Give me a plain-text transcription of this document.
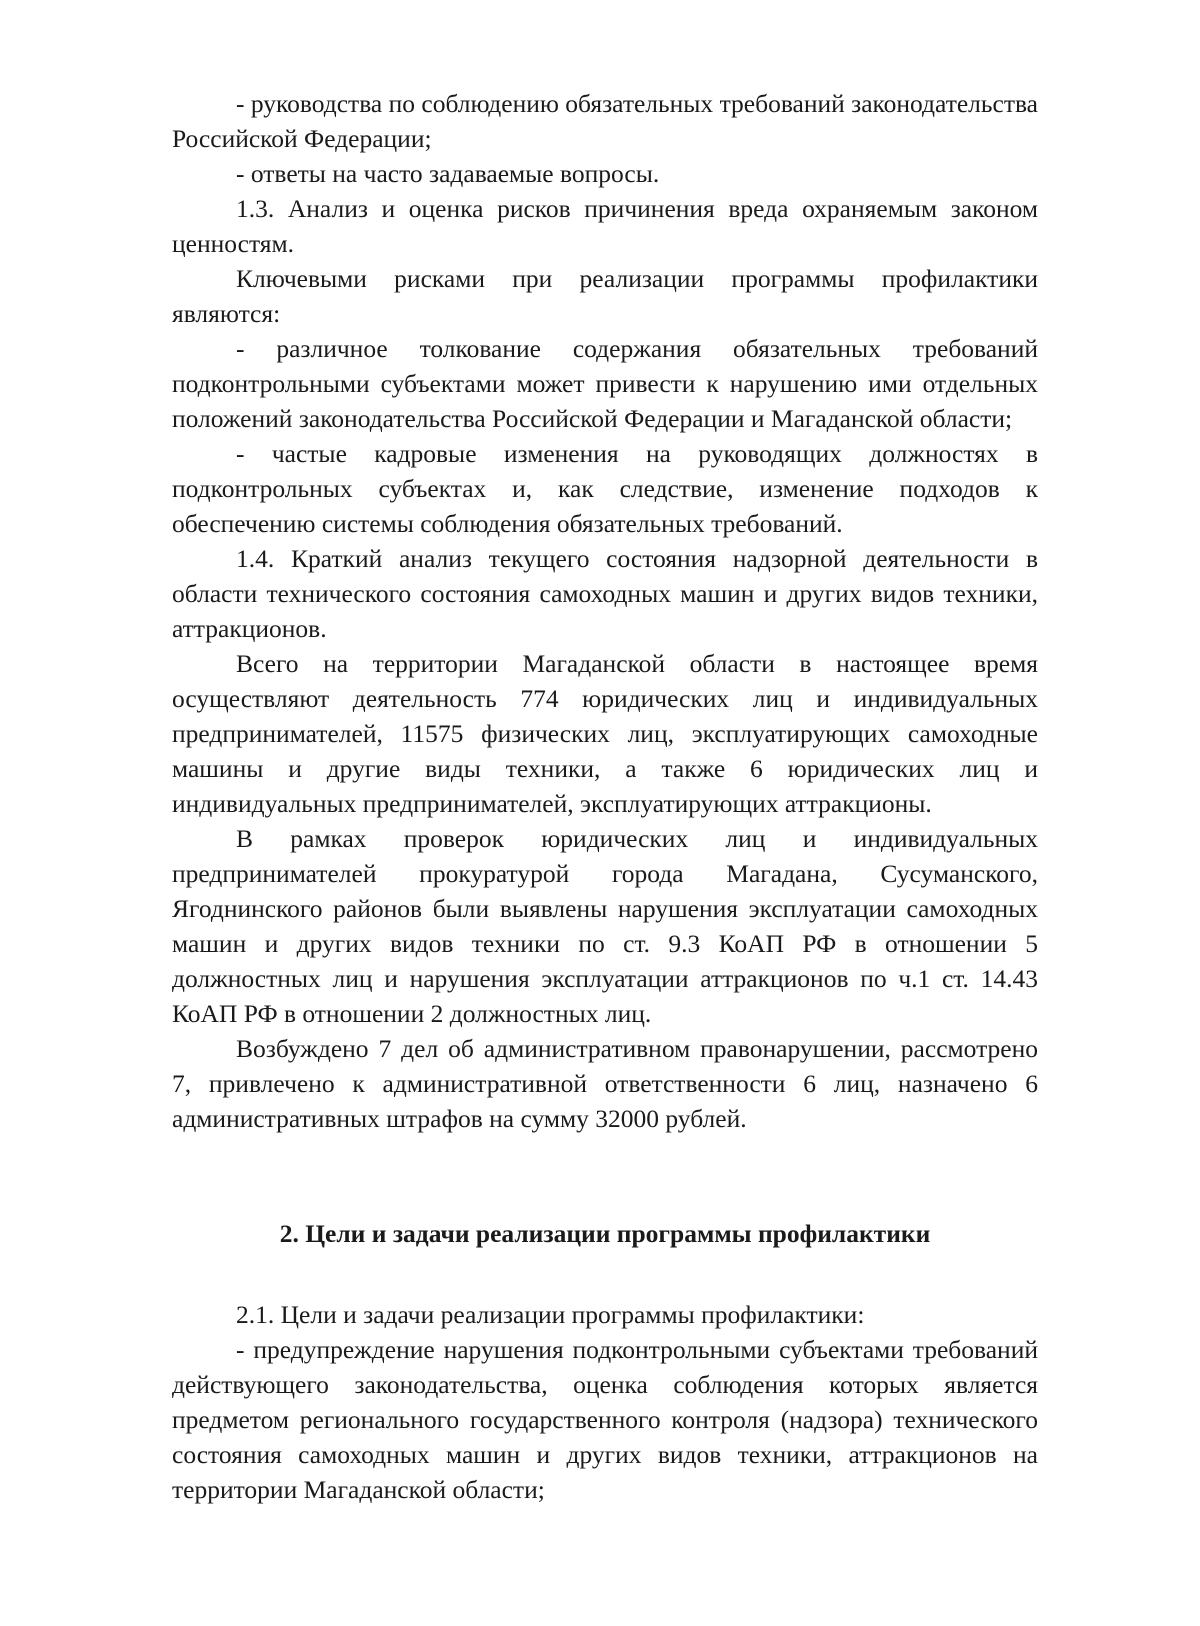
- руководства по соблюдению обязательных требований законодательства Российской Федерации;

- ответы на часто задаваемые вопросы.

1.3. Анализ и оценка рисков причинения вреда охраняемым законом ценностям.

Ключевыми рисками при реализации программы профилактики являются:

- различное толкование содержания обязательных требований подконтрольными субъектами может привести к нарушению ими отдельных положений законодательства Российской Федерации и Магаданской области;

- частые кадровые изменения на руководящих должностях в подконтрольных субъектах и, как следствие, изменение подходов к обеспечению системы соблюдения обязательных требований.

1.4. Краткий анализ текущего состояния надзорной деятельности в области технического состояния самоходных машин и других видов техники, аттракционов.

Всего на территории Магаданской области в настоящее время осуществляют деятельность 774 юридических лиц и индивидуальных предпринимателей, 11575 физических лиц, эксплуатирующих самоходные машины и другие виды техники, а также 6 юридических лиц и индивидуальных предпринимателей, эксплуатирующих аттракционы.

В рамках проверок юридических лиц и индивидуальных предпринимателей прокуратурой города Магадана, Сусуманского, Ягоднинского районов были выявлены нарушения эксплуатации самоходных машин и других видов техники по ст. 9.3 КоАП РФ в отношении 5 должностных лиц и нарушения эксплуатации аттракционов по ч.1 ст. 14.43 КоАП РФ в отношении 2 должностных лиц.

Возбуждено 7 дел об административном правонарушении, рассмотрено 7, привлечено к административной ответственности 6 лиц, назначено 6 административных штрафов на сумму 32000 рублей.

2. Цели и задачи реализации программы профилактики

2.1. Цели и задачи реализации программы профилактики:

- предупреждение нарушения подконтрольными субъектами требований действующего законодательства, оценка соблюдения которых является предметом регионального государственного контроля (надзора) технического состояния самоходных машин и других видов техники, аттракционов на территории Магаданской области;
